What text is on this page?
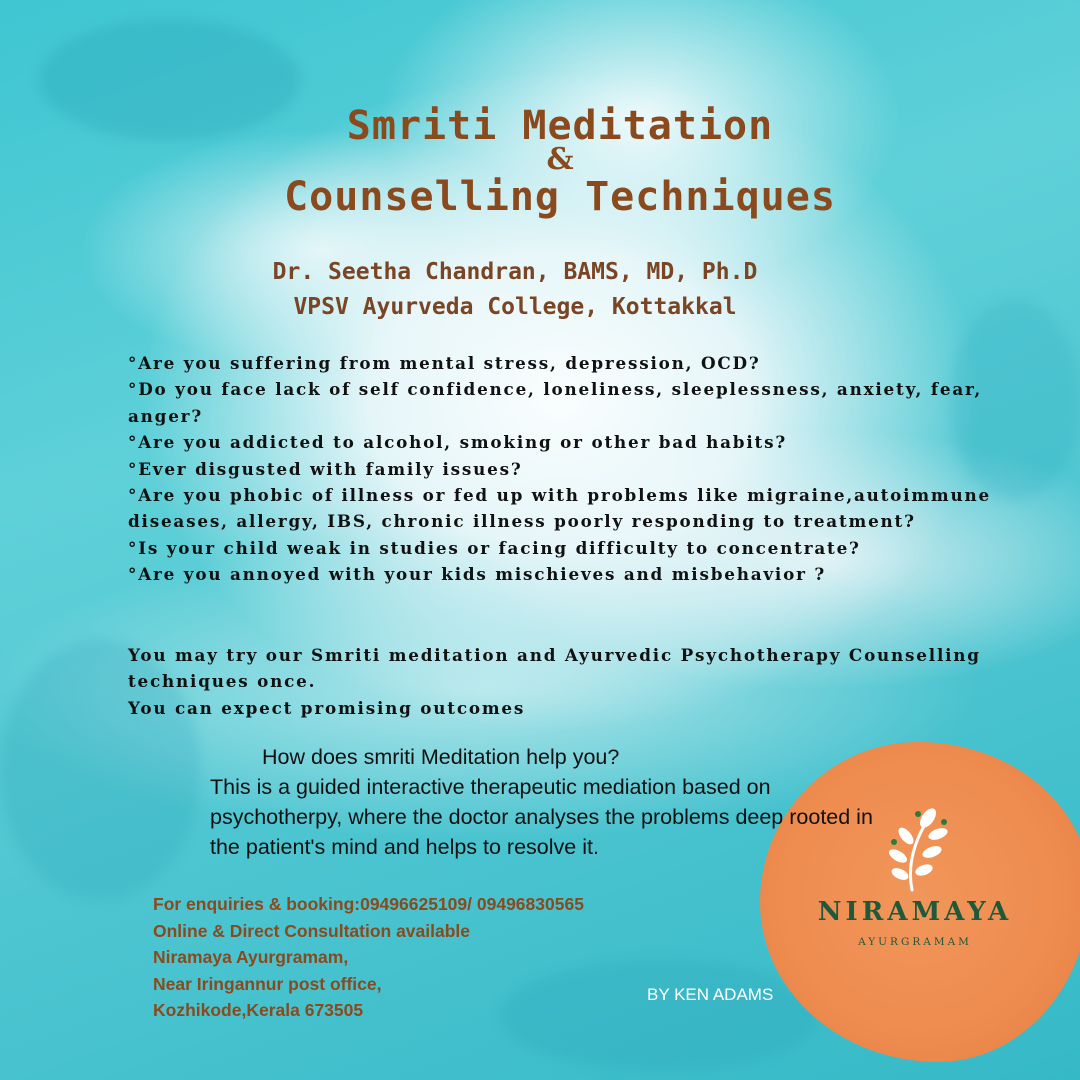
Smriti Meditation
&
Counselling Techniques
Dr. Seetha Chandran, BAMS, MD, Ph.D
VPSV Ayurveda College, Kottakkal
°Are you suffering from mental stress, depression, OCD?
°Do you face lack of self confidence, loneliness, sleeplessness, anxiety, fear, anger?
°Are you addicted to alcohol, smoking or other bad habits?
°Ever disgusted with family issues?
°Are you phobic of illness or fed up with problems like migraine,autoimmune diseases, allergy, IBS, chronic illness poorly responding to treatment?
°Is your child weak in studies or facing difficulty to concentrate?
°Are you annoyed with your kids mischieves and misbehavior ?
You may try our Smriti meditation and Ayurvedic Psychotherapy Counselling techniques once.
You can expect promising outcomes
NIRAMAYA
AYURGRAMAM
How does smriti Meditation help you?
This is a guided interactive therapeutic mediation based on psychotherpy, where the doctor analyses the problems deep rooted in the patient's mind and helps to resolve it.
For enquiries & booking:09496625109/ 09496830565
Online & Direct Consultation available
Niramaya Ayurgramam,
Near Iringannur post office,
Kozhikode,Kerala 673505
BY KEN ADAMS
